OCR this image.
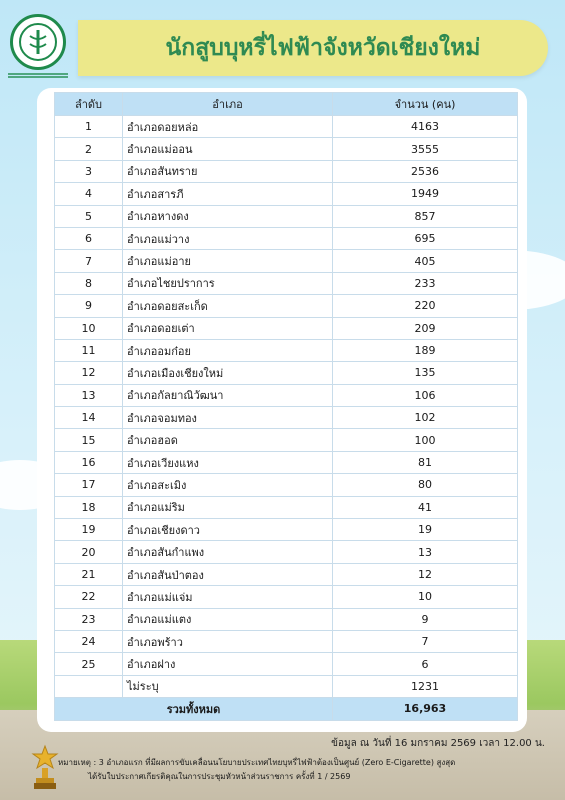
นักสูบบุหรี่ไฟฟ้าจังหวัดเชียงใหม่
ลำดับ	อำเภอ	จำนวน (คน)
1	อำเภอดอยหล่อ	4163
2	อำเภอแม่ออน	3555
3	อำเภอสันทราย	2536
4	อำเภอสารภี	1949
5	อำเภอหางดง	857
6	อำเภอแม่วาง	695
7	อำเภอแม่อาย	405
8	อำเภอไชยปราการ	233
9	อำเภอดอยสะเก็ด	220
10	อำเภอดอยเต่า	209
11	อำเภออมก๋อย	189
12	อำเภอเมืองเชียงใหม่	135
13	อำเภอกัลยาณิวัฒนา	106
14	อำเภอจอมทอง	102
15	อำเภอฮอด	100
16	อำเภอเวียงแหง	81
17	อำเภอสะเมิง	80
18	อำเภอแม่ริม	41
19	อำเภอเชียงดาว	19
20	อำเภอสันกำแพง	13
21	อำเภอสันป่าตอง	12
22	อำเภอแม่แจ่ม	10
23	อำเภอแม่แตง	9
24	อำเภอพร้าว	7
25	อำเภอฝาง	6
	ไม่ระบุ	1231
รวมทั้งหมด		16,963
ข้อมูล ณ วันที่ 16 มกราคม 2569 เวลา 12.00 น.
หมายเหตุ : 3 อำเภอแรก ที่มีผลการขับเคลื่อนนโยบายประเทศไทยบุหรี่ไฟฟ้าต้องเป็นศูนย์ (Zero E-Cigarette) สูงสุด
ได้รับใบประกาศเกียรติคุณในการประชุมหัวหน้าส่วนราชการ ครั้งที่ 1 / 2569
